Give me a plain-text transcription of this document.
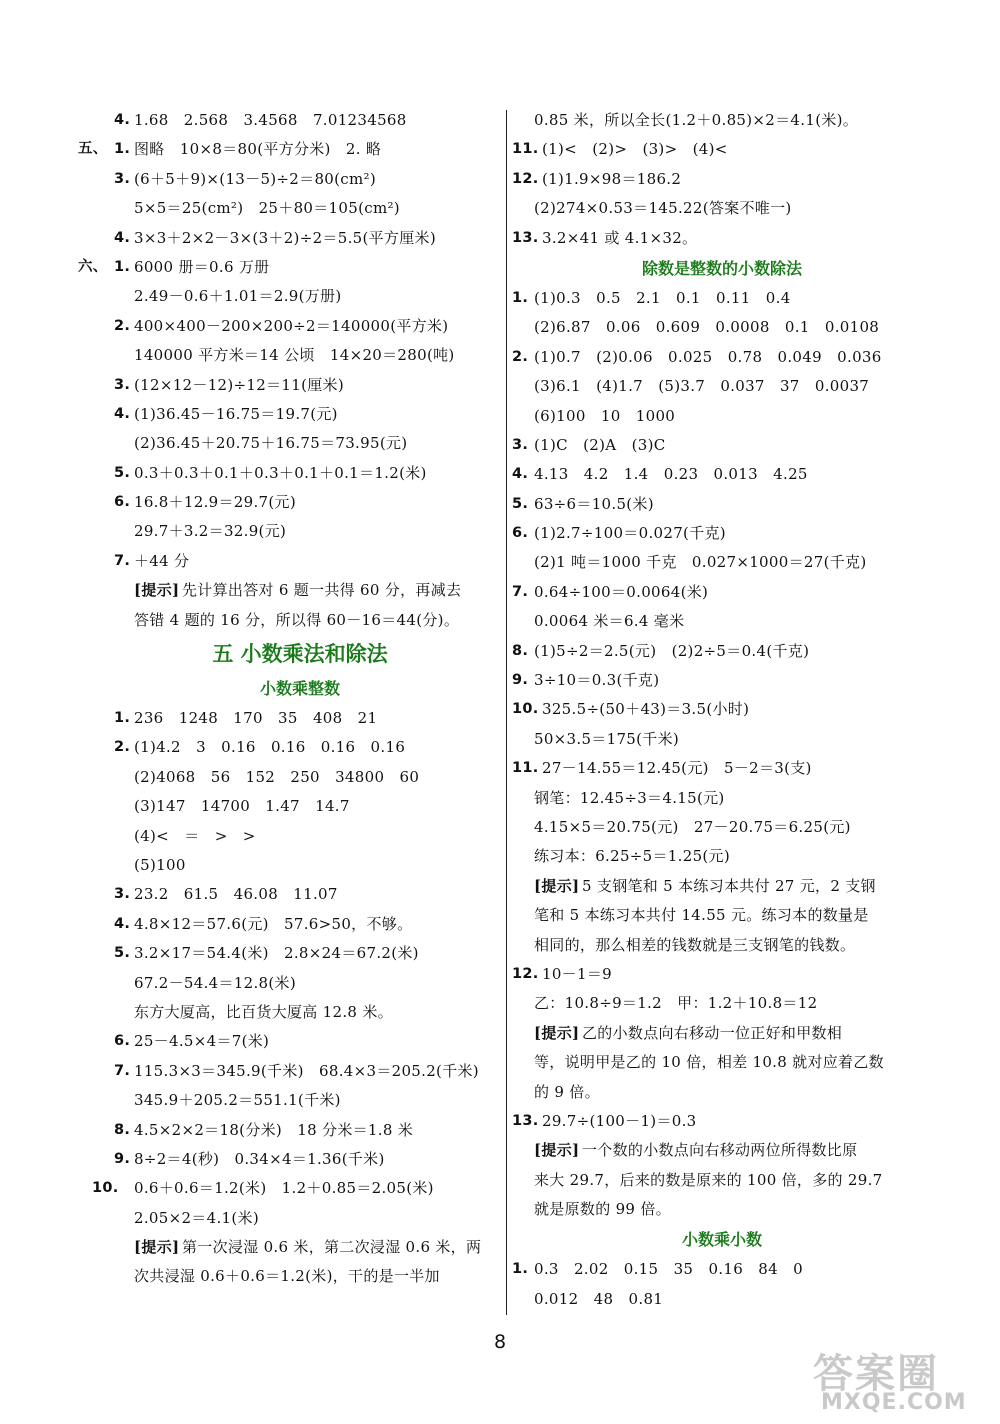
4. 1.68   2.568   3.4568   7.01234568
五、 1. 图略   10×8＝80(平方分米)   2. 略
3. (6＋5＋9)×(13－5)÷2＝80(cm²)
5×5＝25(cm²)   25＋80＝105(cm²)
4. 3×3＋2×2－3×(3＋2)÷2＝5.5(平方厘米)
六、 1. 6000 册＝0.6 万册
2.49－0.6＋1.01＝2.9(万册)
2. 400×400－200×200÷2＝140000(平方米)
140000 平方米＝14 公顷   14×20＝280(吨)
3. (12×12－12)÷12＝11(厘米)
4. (1)36.45－16.75＝19.7(元)
(2)36.45＋20.75＋16.75＝73.95(元)
5. 0.3＋0.3＋0.1＋0.3＋0.1＋0.1＝1.2(米)
6. 16.8＋12.9＝29.7(元)
29.7＋3.2＝32.9(元)
7. ＋44 分
[提示] 先计算出答对 6 题一共得 60 分，再减去
答错 4 题的 16 分，所以得 60－16＝44(分)。
五 小数乘法和除法
小数乘整数
1. 236   1248   170   35   408   21
2. (1)4.2   3   0.16   0.16   0.16   0.16
(2)4068   56   152   250   34800   60
(3)147   14700   1.47   14.7
(4)<   ＝   >   >
(5)100
3. 23.2   61.5   46.08   11.07
4. 4.8×12＝57.6(元)   57.6>50，不够。
5. 3.2×17＝54.4(米)   2.8×24＝67.2(米)
67.2－54.4＝12.8(米)
东方大厦高，比百货大厦高 12.8 米。
6. 25－4.5×4＝7(米)
7. 115.3×3＝345.9(千米)   68.4×3＝205.2(千米)
345.9＋205.2＝551.1(千米)
8. 4.5×2×2＝18(分米)   18 分米＝1.8 米
9. 8÷2＝4(秒)   0.34×4＝1.36(千米)
10. 0.6＋0.6＝1.2(米)   1.2＋0.85＝2.05(米)
2.05×2＝4.1(米)
[提示] 第一次浸湿 0.6 米，第二次浸湿 0.6 米，两
次共浸湿 0.6＋0.6＝1.2(米)，干的是一半加
0.85 米，所以全长(1.2＋0.85)×2＝4.1(米)。
11. (1)<   (2)>   (3)>   (4)<
12. (1)1.9×98＝186.2
(2)274×0.53＝145.22(答案不唯一)
13. 3.2×41 或 4.1×32。
除数是整数的小数除法
1. (1)0.3   0.5   2.1   0.1   0.11   0.4
(2)6.87   0.06   0.609   0.0008   0.1   0.0108
2. (1)0.7   (2)0.06   0.025   0.78   0.049   0.036
(3)6.1   (4)1.7   (5)3.7   0.037   37   0.0037
(6)100   10   1000
3. (1)C   (2)A   (3)C
4. 4.13   4.2   1.4   0.23   0.013   4.25
5. 63÷6＝10.5(米)
6. (1)2.7÷100＝0.027(千克)
(2)1 吨＝1000 千克   0.027×1000＝27(千克)
7. 0.64÷100＝0.0064(米)
0.0064 米＝6.4 毫米
8. (1)5÷2＝2.5(元)   (2)2÷5＝0.4(千克)
9. 3÷10＝0.3(千克)
10. 325.5÷(50＋43)＝3.5(小时)
50×3.5＝175(千米)
11. 27－14.55＝12.45(元)   5－2＝3(支)
钢笔：12.45÷3＝4.15(元)
4.15×5＝20.75(元)   27－20.75＝6.25(元)
练习本：6.25÷5＝1.25(元)
[提示] 5 支钢笔和 5 本练习本共付 27 元，2 支钢
笔和 5 本练习本共付 14.55 元。练习本的数量是
相同的，那么相差的钱数就是三支钢笔的钱数。
12. 10－1＝9
乙：10.8÷9＝1.2   甲：1.2＋10.8＝12
[提示] 乙的小数点向右移动一位正好和甲数相
等，说明甲是乙的 10 倍，相差 10.8 就对应着乙数
的 9 倍。
13. 29.7÷(100－1)＝0.3
[提示] 一个数的小数点向右移动两位所得数比原
来大 29.7，后来的数是原来的 100 倍，多的 29.7
就是原数的 99 倍。
小数乘小数
1. 0.3   2.02   0.15   35   0.16   84   0
0.012   48   0.81
8
答案圈
MXQE.COM
